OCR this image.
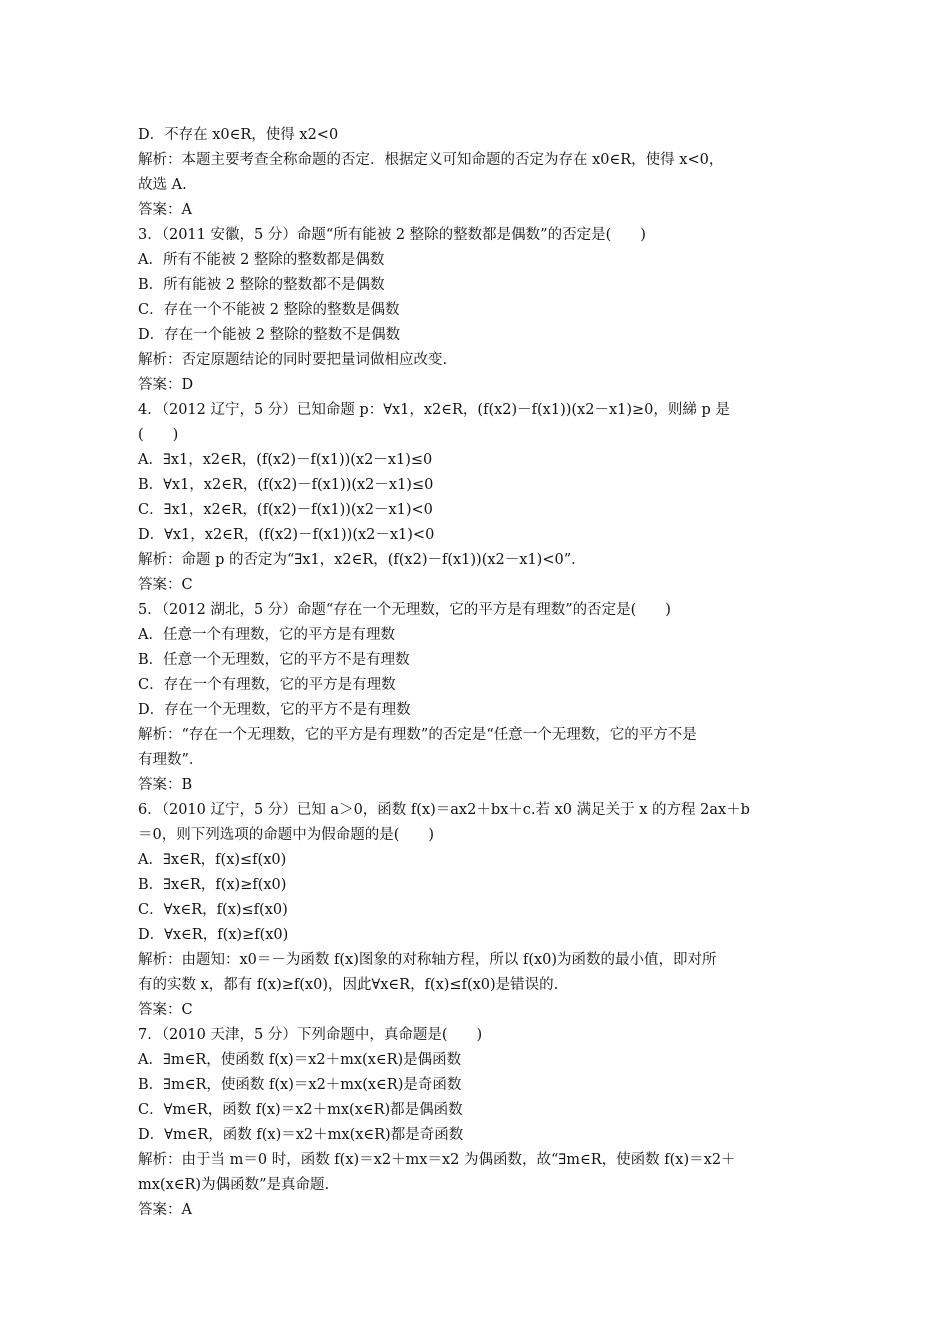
D．不存在 x0∈R，使得 x2<0
解析：本题主要考查全称命题的否定．根据定义可知命题的否定为存在 x0∈R，使得 x<0，
故选 A.
答案：A
3．（2011 安徽，5 分）命题“所有能被 2 整除的整数都是偶数”的否定是(　　)
A．所有不能被 2 整除的整数都是偶数
B．所有能被 2 整除的整数都不是偶数
C．存在一个不能被 2 整除的整数是偶数
D．存在一个能被 2 整除的整数不是偶数
解析：否定原题结论的同时要把量词做相应改变.
答案：D
4．（2012 辽宁，5 分）已知命题 p：∀x1，x2∈R，(f(x2)－f(x1))(x2－x1)≥0，则綈 p 是
(　　)
A．∃x1，x2∈R，(f(x2)－f(x1))(x2－x1)≤0
B．∀x1，x2∈R，(f(x2)－f(x1))(x2－x1)≤0
C．∃x1，x2∈R，(f(x2)－f(x1))(x2－x1)<0
D．∀x1，x2∈R，(f(x2)－f(x1))(x2－x1)<0
解析：命题 p 的否定为“∃x1，x2∈R，(f(x2)－f(x1))(x2－x1)<0”．
答案：C
5．（2012 湖北，5 分）命题“存在一个无理数，它的平方是有理数”的否定是(　　)
A．任意一个有理数，它的平方是有理数
B．任意一个无理数，它的平方不是有理数
C．存在一个有理数，它的平方是有理数
D．存在一个无理数，它的平方不是有理数
解析：“存在一个无理数，它的平方是有理数”的否定是“任意一个无理数，它的平方不是
有理数”．
答案：B
6．（2010 辽宁，5 分）已知 a＞0，函数 f(x)＝ax2＋bx＋c.若 x0 满足关于 x 的方程 2ax＋b
＝0，则下列选项的命题中为假命题的是(　　)
A．∃x∈R，f(x)≤f(x0)
B．∃x∈R，f(x)≥f(x0)
C．∀x∈R，f(x)≤f(x0)
D．∀x∈R，f(x)≥f(x0)
解析：由题知：x0＝－为函数 f(x)图象的对称轴方程，所以 f(x0)为函数的最小值，即对所
有的实数 x，都有 f(x)≥f(x0)，因此∀x∈R，f(x)≤f(x0)是错误的.
答案：C
7．（2010 天津，5 分）下列命题中，真命题是(　　)
A．∃m∈R，使函数 f(x)＝x2＋mx(x∈R)是偶函数
B．∃m∈R，使函数 f(x)＝x2＋mx(x∈R)是奇函数
C．∀m∈R，函数 f(x)＝x2＋mx(x∈R)都是偶函数
D．∀m∈R，函数 f(x)＝x2＋mx(x∈R)都是奇函数
解析：由于当 m＝0 时，函数 f(x)＝x2＋mx＝x2 为偶函数，故“∃m∈R，使函数 f(x)＝x2＋
mx(x∈R)为偶函数”是真命题.
答案：A
